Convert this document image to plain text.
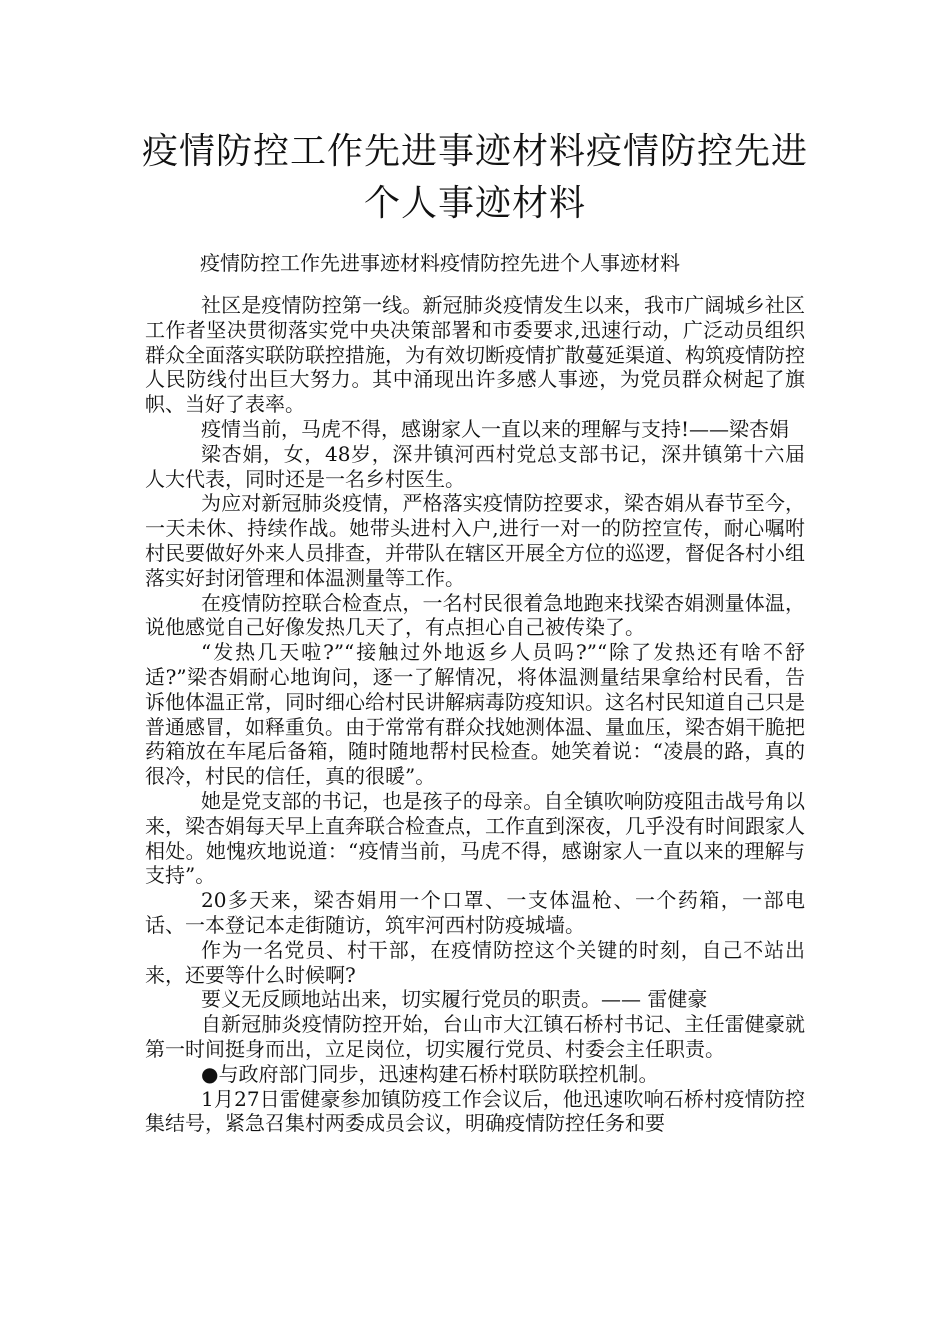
疫情防控工作先进事迹材料疫情防控先进个人事迹材料

疫情防控工作先进事迹材料疫情防控先进个人事迹材料

社区是疫情防控第一线。新冠肺炎疫情发生以来，我市广阔城乡社区工作者坚决贯彻落实党中央决策部署和市委要求,迅速行动，广泛动员组织群众全面落实联防联控措施，为有效切断疫情扩散蔓延渠道、构筑疫情防控人民防线付出巨大努力。其中涌现出许多感人事迹，为党员群众树起了旗帜、当好了表率。

疫情当前，马虎不得，感谢家人一直以来的理解与支持!——梁杏娟

梁杏娟，女，48岁，深井镇河西村党总支部书记，深井镇第十六届人大代表，同时还是一名乡村医生。

为应对新冠肺炎疫情，严格落实疫情防控要求，梁杏娟从春节至今，一天未休、持续作战。她带头进村入户,进行一对一的防控宣传，耐心嘱咐村民要做好外来人员排查，并带队在辖区开展全方位的巡逻，督促各村小组落实好封闭管理和体温测量等工作。

在疫情防控联合检查点，一名村民很着急地跑来找梁杏娟测量体温，说他感觉自己好像发热几天了，有点担心自己被传染了。

“发热几天啦?”“接触过外地返乡人员吗?”“除了发热还有啥不舒适?”梁杏娟耐心地询问，逐一了解情况，将体温测量结果拿给村民看，告诉他体温正常，同时细心给村民讲解病毒防疫知识。这名村民知道自己只是普通感冒，如释重负。由于常常有群众找她测体温、量血压，梁杏娟干脆把药箱放在车尾后备箱，随时随地帮村民检查。她笑着说：“凌晨的路，真的很冷，村民的信任，真的很暖”。

她是党支部的书记，也是孩子的母亲。自全镇吹响防疫阻击战号角以来，梁杏娟每天早上直奔联合检查点，工作直到深夜，几乎没有时间跟家人相处。她愧疚地说道：“疫情当前，马虎不得，感谢家人一直以来的理解与支持”。

20多天来，梁杏娟用一个口罩、一支体温枪、一个药箱，一部电话、一本登记本走街随访，筑牢河西村防疫城墙。

作为一名党员、村干部，在疫情防控这个关键的时刻，自己不站出来，还要等什么时候啊?

要义无反顾地站出来，切实履行党员的职责。—— 雷健豪

自新冠肺炎疫情防控开始，台山市大江镇石桥村书记、主任雷健豪就第一时间挺身而出，立足岗位，切实履行党员、村委会主任职责。

●与政府部门同步，迅速构建石桥村联防联控机制。

1月27日雷健豪参加镇防疫工作会议后，他迅速吹响石桥村疫情防控集结号，紧急召集村两委成员会议，明确疫情防控任务和要
